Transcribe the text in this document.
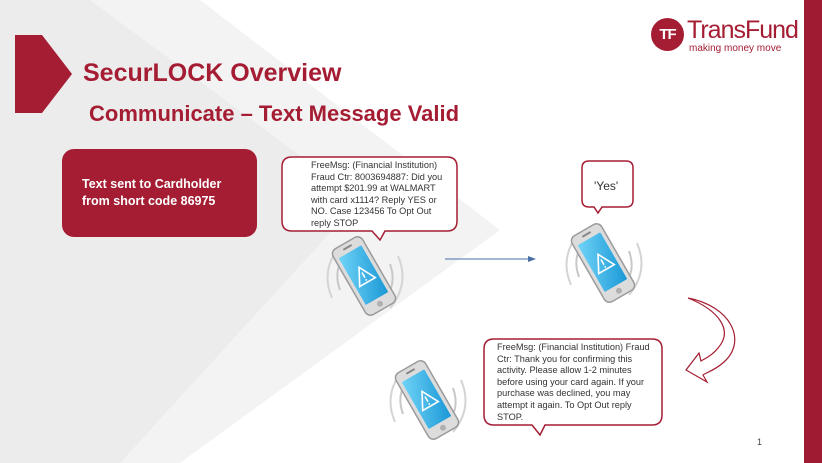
TF TransFund
making money move
SecurLOCK Overview
Communicate – Text Message Valid
Text sent to Cardholder from short code 86975
FreeMsg: (Financial Institution) Fraud Ctr: 8003694887: Did you attempt $201.99 at WALMART with card x1114? Reply YES or NO. Case 123456 To Opt Out reply STOP
'Yes'
FreeMsg: (Financial Institution) Fraud Ctr: Thank you for confirming this activity. Please allow 1-2 minutes before using your card again. If your purchase was declined, you may attempt it again. To Opt Out reply STOP.
1
